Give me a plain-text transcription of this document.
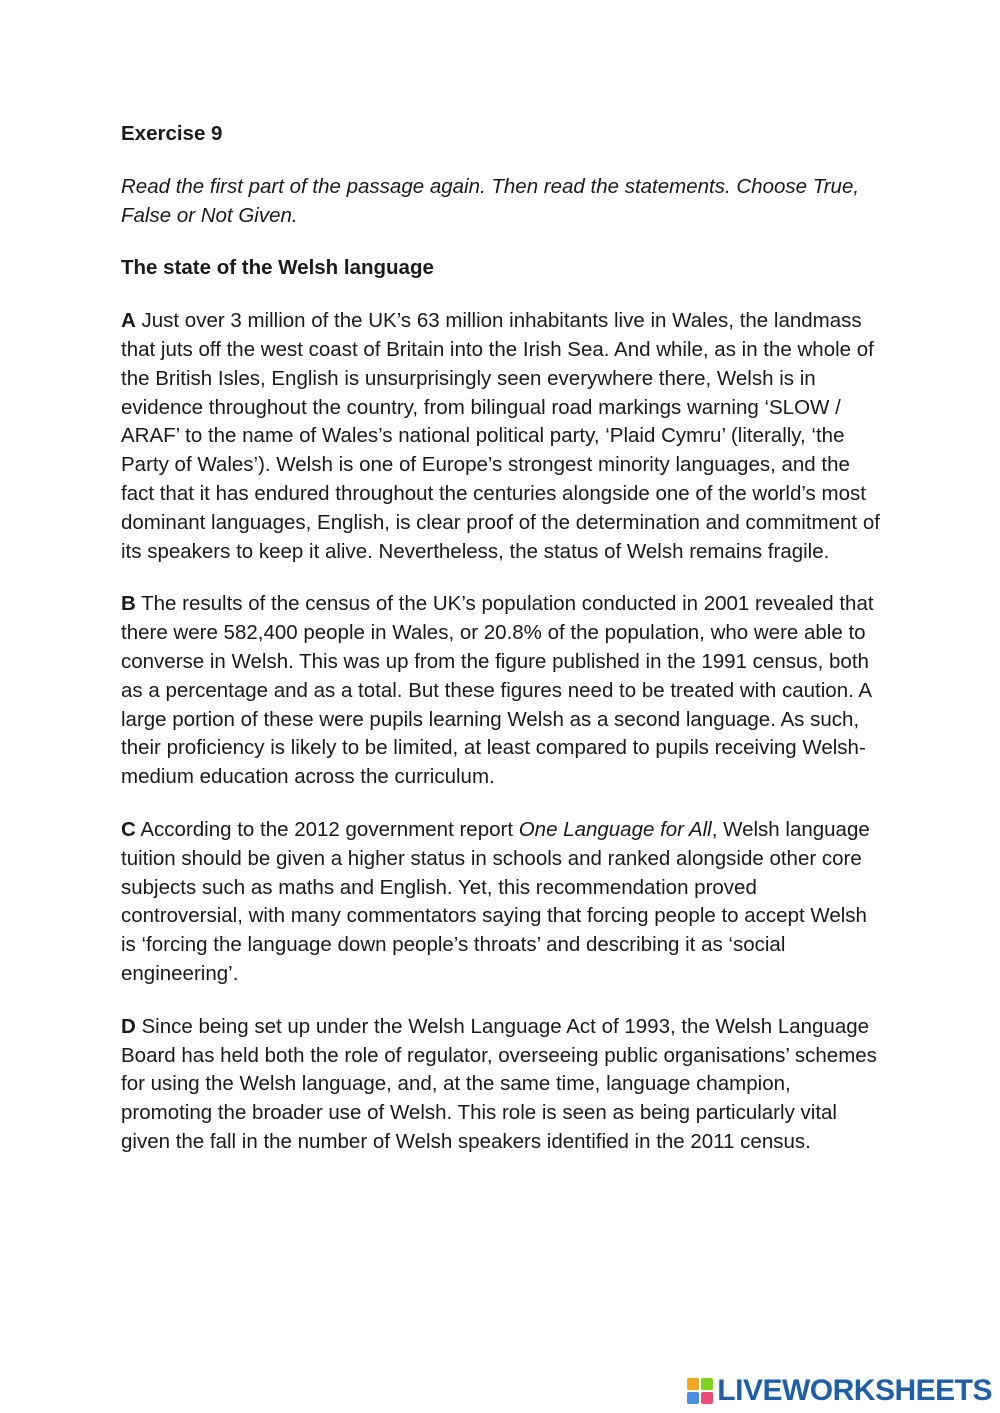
Exercise 9

Read the first part of the passage again. Then read the statements. Choose True, False or Not Given.

The state of the Welsh language

A Just over 3 million of the UK’s 63 million inhabitants live in Wales, the landmass that juts off the west coast of Britain into the Irish Sea. And while, as in the whole of the British Isles, English is unsurprisingly seen everywhere there, Welsh is in evidence throughout the country, from bilingual road markings warning ‘SLOW / ARAF’ to the name of Wales’s national political party, ‘Plaid Cymru’ (literally, ‘the Party of Wales’). Welsh is one of Europe’s strongest minority languages, and the fact that it has endured throughout the centuries alongside one of the world’s most dominant languages, English, is clear proof of the determination and commitment of its speakers to keep it alive. Nevertheless, the status of Welsh remains fragile.

B The results of the census of the UK’s population conducted in 2001 revealed that there were 582,400 people in Wales, or 20.8% of the population, who were able to converse in Welsh. This was up from the figure published in the 1991 census, both as a percentage and as a total. But these figures need to be treated with caution. A large portion of these were pupils learning Welsh as a second language. As such, their proficiency is likely to be limited, at least compared to pupils receiving Welsh-medium education across the curriculum.

C According to the 2012 government report One Language for All, Welsh language tuition should be given a higher status in schools and ranked alongside other core subjects such as maths and English. Yet, this recommendation proved controversial, with many commentators saying that forcing people to accept Welsh is ‘forcing the language down people’s throats’ and describing it as ‘social engineering’.

D Since being set up under the Welsh Language Act of 1993, the Welsh Language Board has held both the role of regulator, overseeing public organisations’ schemes for using the Welsh language, and, at the same time, language champion, promoting the broader use of Welsh. This role is seen as being particularly vital given the fall in the number of Welsh speakers identified in the 2011 census.

LIVEWORKSHEETS
